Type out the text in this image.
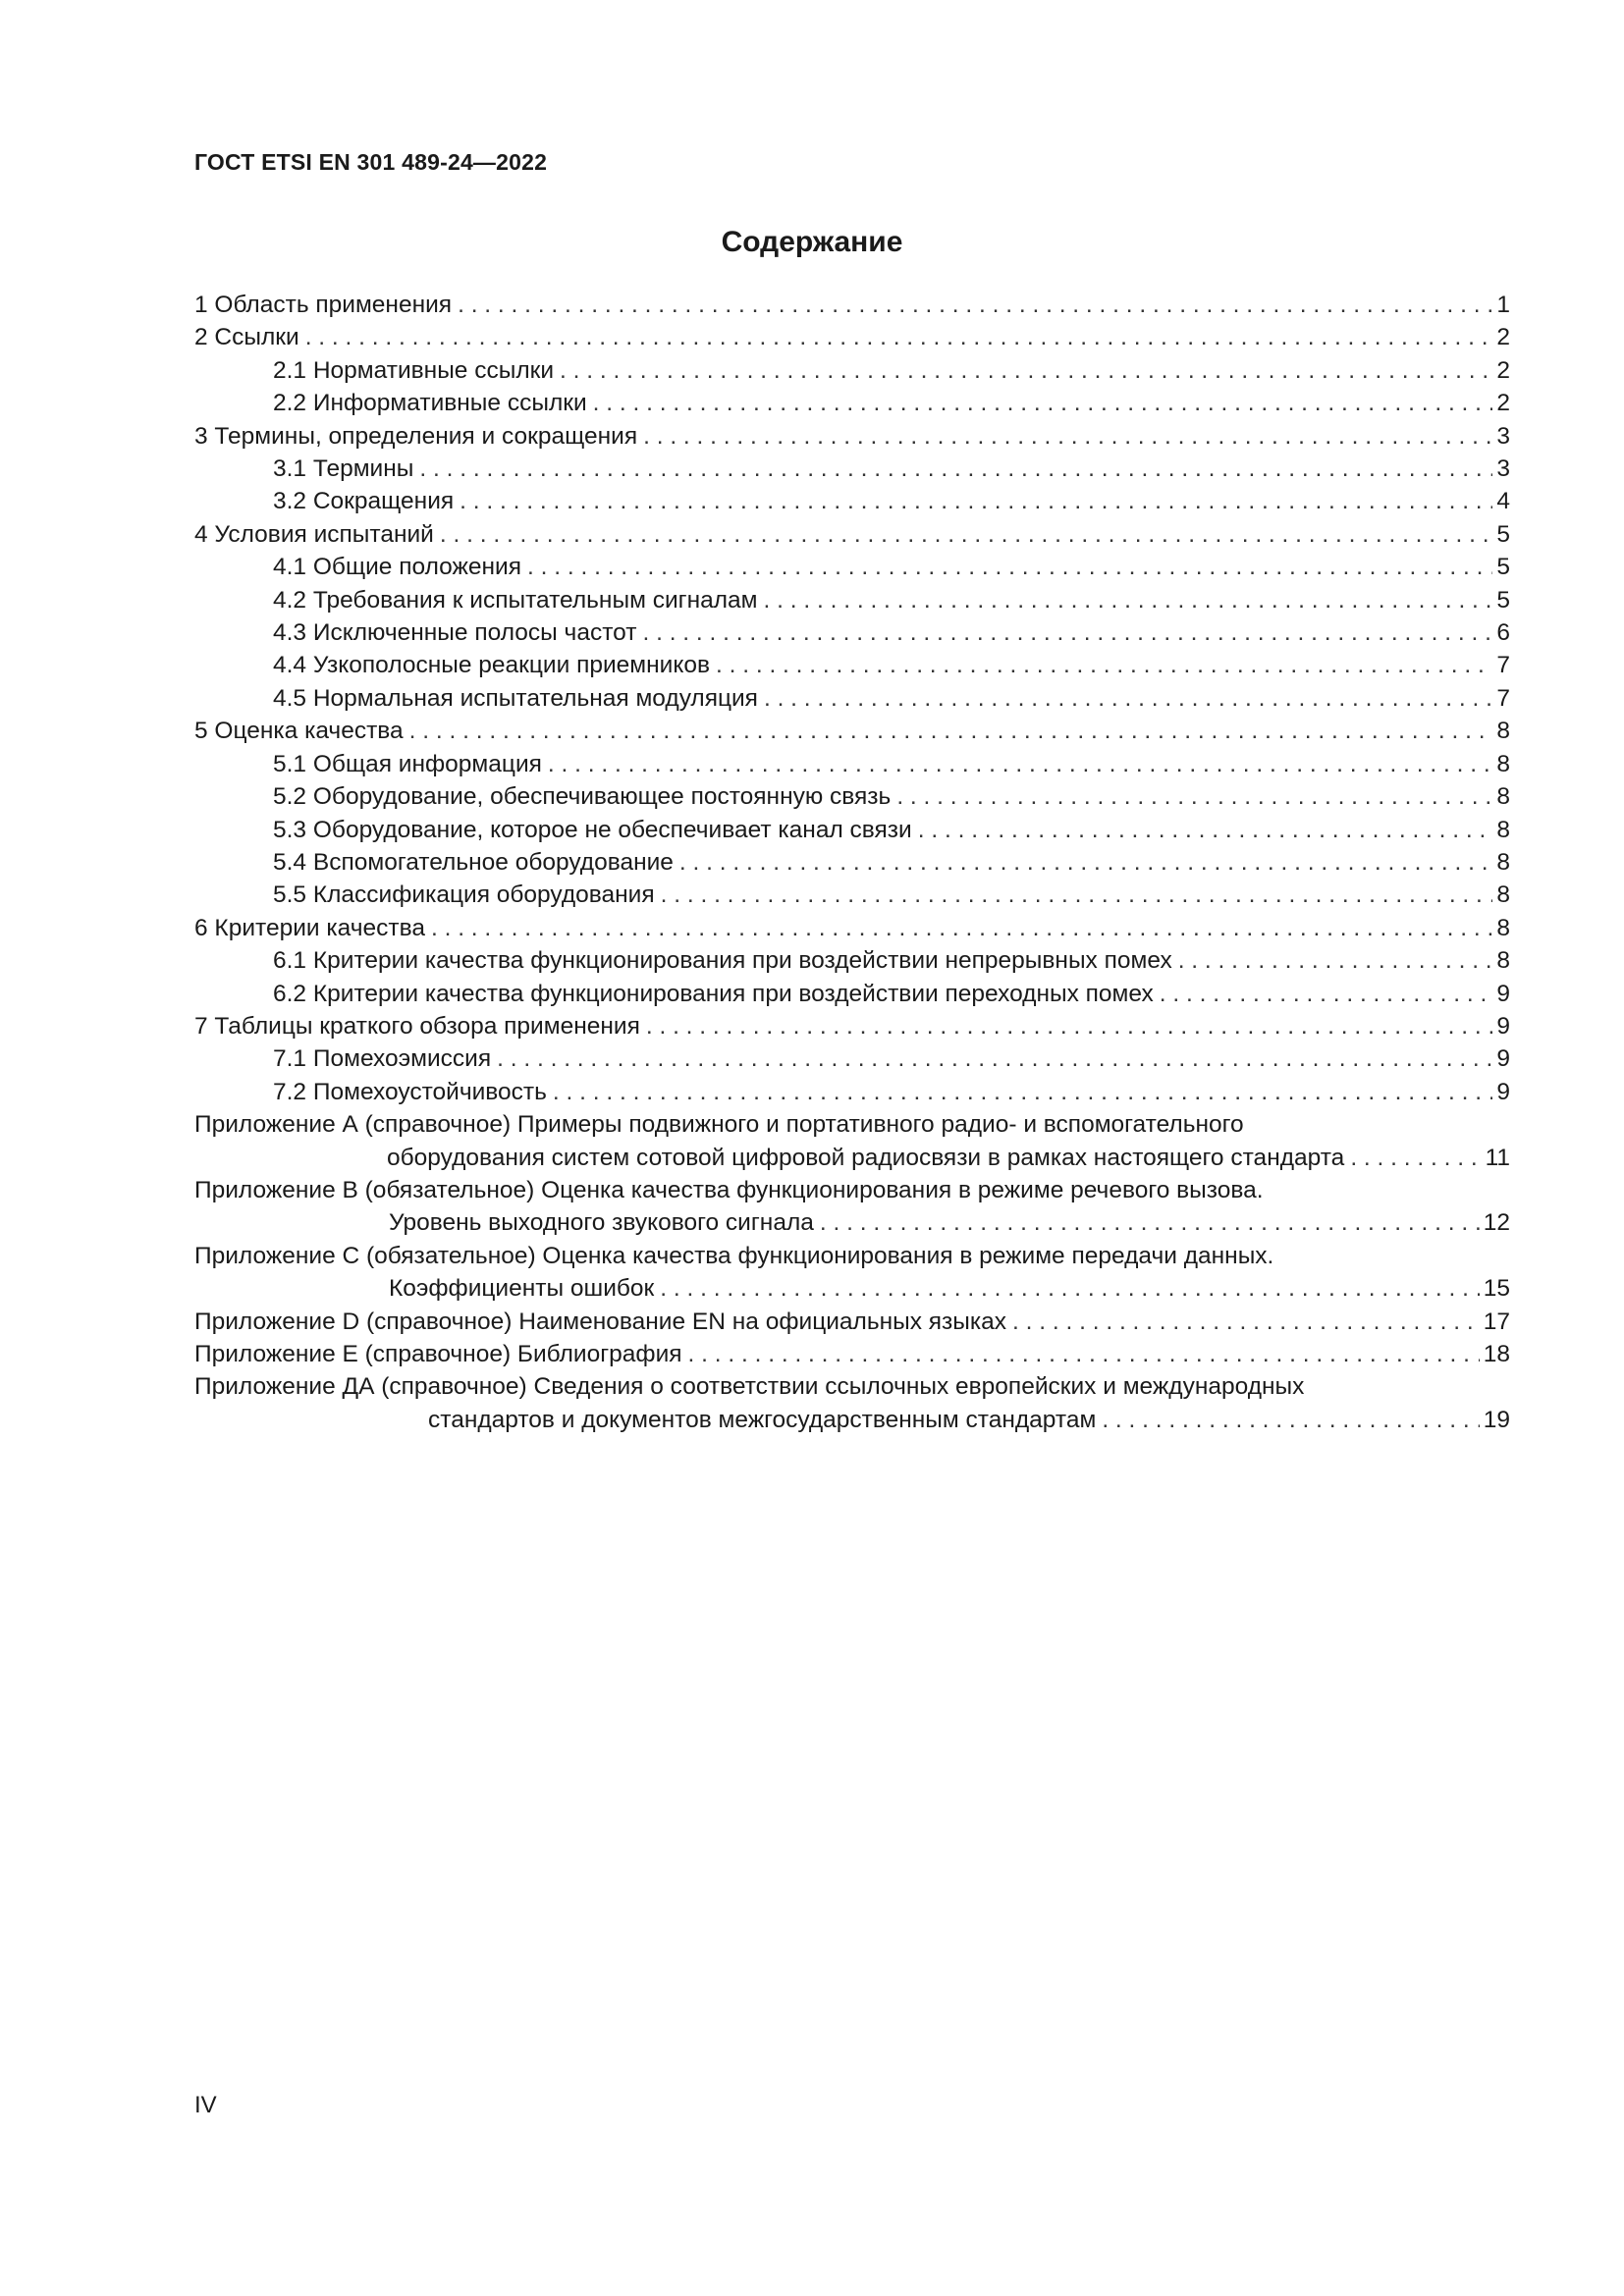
ГОСТ ETSI EN 301 489-24—2022
Содержание
1 Область применения . . .	1
2 Ссылки . . .	2
2.1 Нормативные ссылки . . .	2
2.2 Информативные ссылки . . .	2
3 Термины, определения и сокращения . . .	3
3.1 Термины . . .	3
3.2 Сокращения . . .	4
4 Условия испытаний . . .	5
4.1 Общие положения . . .	5
4.2 Требования к испытательным сигналам . . .	5
4.3 Исключенные полосы частот . . .	6
4.4 Узкополосные реакции приемников . . .	7
4.5 Нормальная испытательная модуляция . . .	7
5 Оценка качества . . .	8
5.1 Общая информация . . .	8
5.2 Оборудование, обеспечивающее постоянную связь . . .	8
5.3 Оборудование, которое не обеспечивает канал связи . . .	8
5.4 Вспомогательное оборудование . . .	8
5.5 Классификация оборудования . . .	8
6 Критерии качества . . .	8
6.1 Критерии качества функционирования при воздействии непрерывных помех . . .	8
6.2 Критерии качества функционирования при воздействии переходных помех . . .	9
7 Таблицы краткого обзора применения . . .	9
7.1 Помехоэмиссия . . .	9
7.2 Помехоустойчивость . . .	9
Приложение А (справочное) Примеры подвижного и портативного радио- и вспомогательного
оборудования систем сотовой цифровой радиосвязи в рамках настоящего стандарта . . .	11
Приложение В (обязательное) Оценка качества функционирования в режиме речевого вызова.
Уровень выходного звукового сигнала . . .	12
Приложение С (обязательное) Оценка качества функционирования в режиме передачи данных.
Коэффициенты ошибок . . .	15
Приложение D (справочное) Наименование EN на официальных языках . . .	17
Приложение Е (справочное) Библиография . . .	18
Приложение ДА (справочное) Сведения о соответствии ссылочных европейских и международных
стандартов и документов межгосударственным стандартам . . .	19
IV
